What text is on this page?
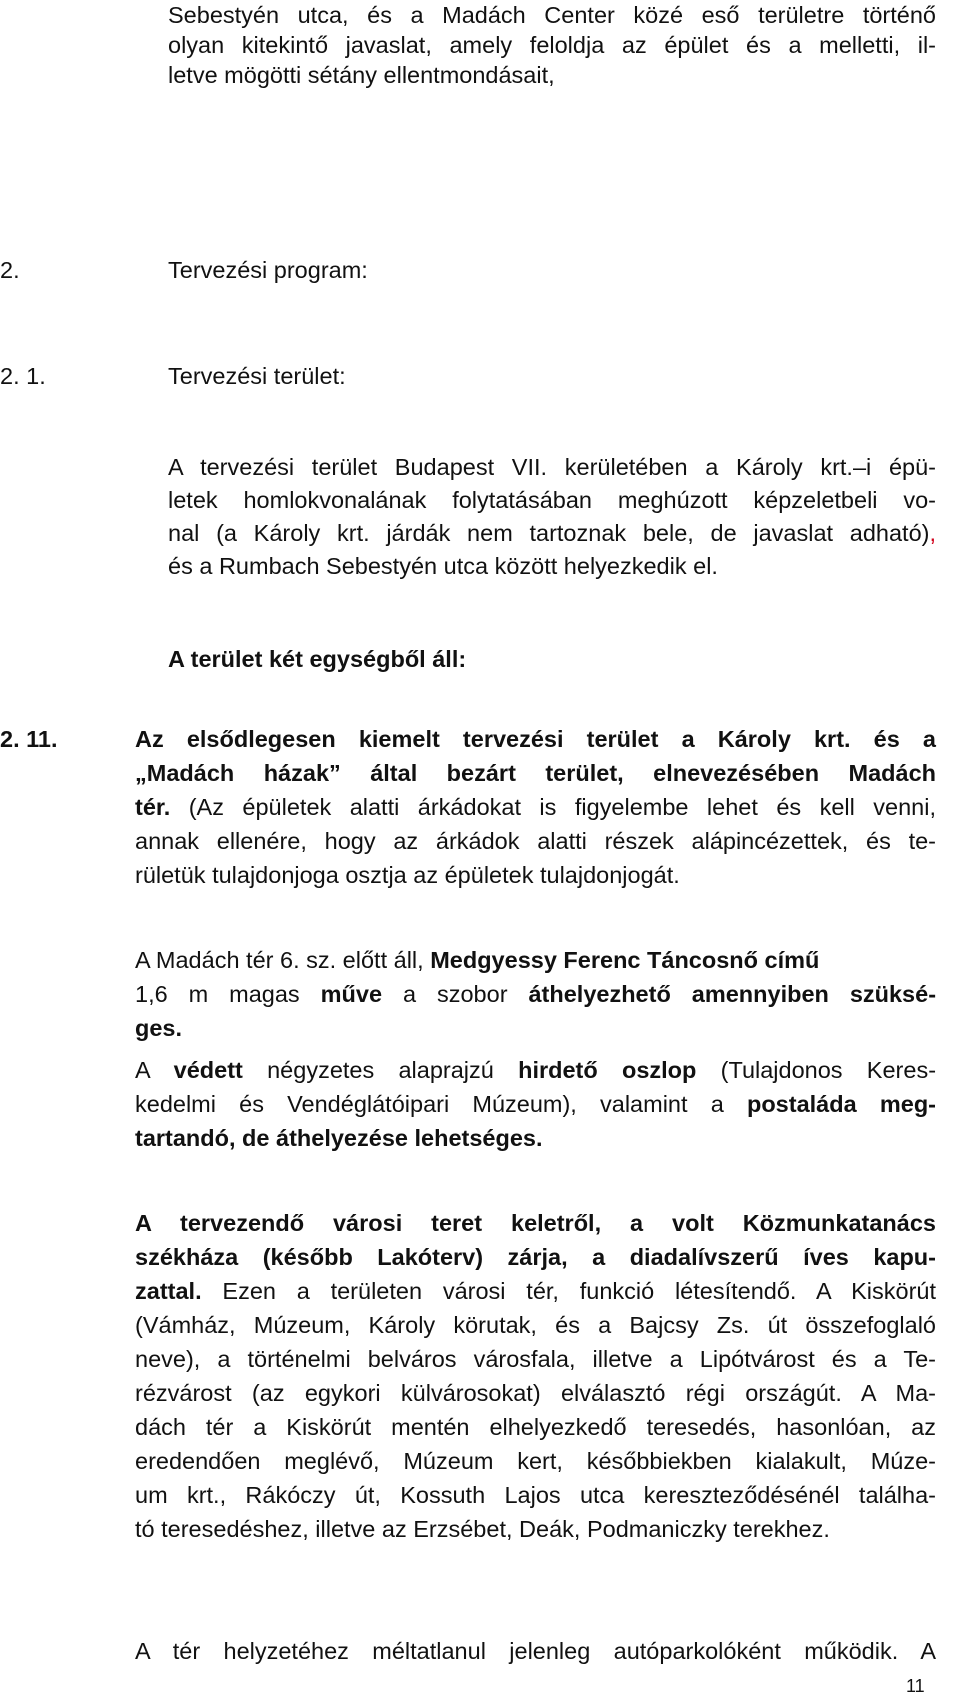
Sebestyén utca, és a Madách Center közé eső területre történő
olyan kitekintő javaslat, amely feloldja az épület és a melletti, il-
letve mögötti sétány ellentmondásait,
2.	Tervezési program:
2. 1.	Tervezési terület:
A tervezési terület Budapest VII. kerületében a Károly krt.–i épü-
letek homlokvonalának folytatásában meghúzott képzeletbeli vo-
nal (a Károly krt. járdák nem tartoznak bele, de javaslat adható) ,
és a Rumbach Sebestyén utca között helyezkedik el.
A terület két egységből áll:
2. 11.	Az elsődlegesen kiemelt tervezési terület a Károly krt. és a
„Madách házak” által bezárt terület, elnevezésében Madách
tér. (Az épületek alatti árkádokat is figyelembe lehet és kell venni,
annak ellenére, hogy az árkádok alatti részek alápincézettek, és te-
rületük tulajdonjoga osztja az épületek tulajdonjogát.
A Madách tér 6. sz. előtt áll, Medgyessy Ferenc Táncosnő című
1,6 m magas műve a szobor áthelyezhető amennyiben szüksé-
ges.
A védett négyzetes alaprajzú hirdető oszlop (Tulajdonos Keres-
kedelmi és Vendéglátóipari Múzeum), valamint a postaláda meg-
tartandó, de áthelyezése lehetséges.
A tervezendő városi teret keletről, a volt Közmunkatanács
székháza (később Lakóterv) zárja, a diadalívszerű íves kapu-
zattal. Ezen a területen városi tér, funkció létesítendő. A Kiskörút
(Vámház, Múzeum, Károly körutak, és a Bajcsy Zs. út összefoglaló
neve), a történelmi belváros városfala, illetve a Lipótvárost és a Te-
rézvárost (az egykori külvárosokat) elválasztó régi országút. A Ma-
dách tér a Kiskörút mentén elhelyezkedő teresedés, hasonlóan, az
eredendően meglévő, Múzeum kert, későbbiekben kialakult, Múze-
um krt., Rákóczy út, Kossuth Lajos utca kereszteződésénél találha-
tó teresedéshez, illetve az Erzsébet, Deák, Podmaniczky terekhez.
A tér helyzetéhez méltatlanul jelenleg autóparkolóként működik. A
11
